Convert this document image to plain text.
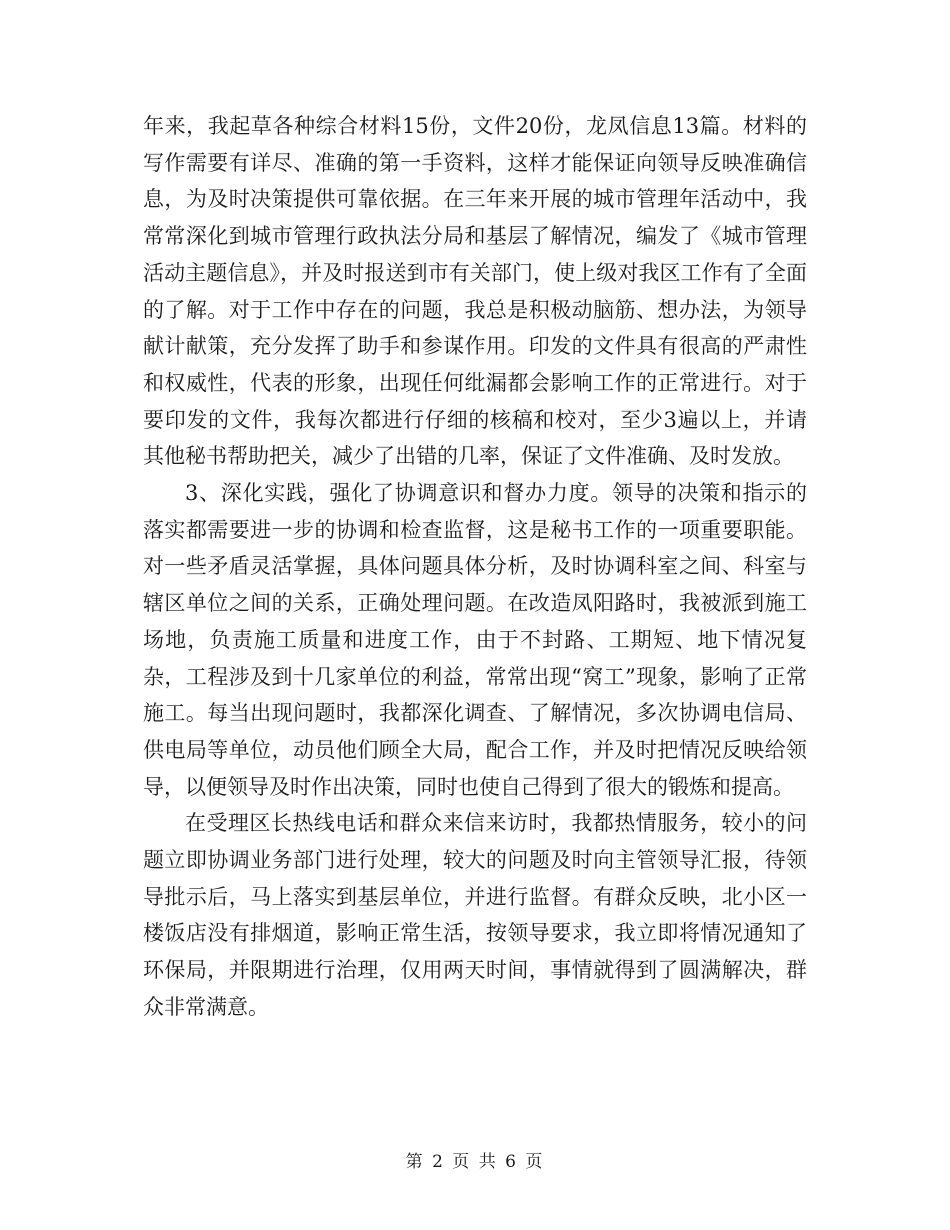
年来，我起草各种综合材料15份，文件20份，龙凤信息13篇。材料的写作需要有详尽、准确的第一手资料，这样才能保证向领导反映准确信息，为及时决策提供可靠依据。在三年来开展的城市管理年活动中，我常常深化到城市管理行政执法分局和基层了解情况，编发了《城市管理活动主题信息》，并及时报送到市有关部门，使上级对我区工作有了全面的了解。对于工作中存在的问题，我总是积极动脑筋、想办法，为领导献计献策，充分发挥了助手和参谋作用。印发的文件具有很高的严肃性和权威性，代表的形象，出现任何纰漏都会影响工作的正常进行。对于要印发的文件，我每次都进行仔细的核稿和校对，至少3遍以上，并请其他秘书帮助把关，减少了出错的几率，保证了文件准确、及时发放。

3、深化实践，强化了协调意识和督办力度。领导的决策和指示的落实都需要进一步的协调和检查监督，这是秘书工作的一项重要职能。对一些矛盾灵活掌握，具体问题具体分析，及时协调科室之间、科室与辖区单位之间的关系，正确处理问题。在改造凤阳路时，我被派到施工场地，负责施工质量和进度工作，由于不封路、工期短、地下情况复杂，工程涉及到十几家单位的利益，常常出现“窝工”现象，影响了正常施工。每当出现问题时，我都深化调查、了解情况，多次协调电信局、供电局等单位，动员他们顾全大局，配合工作，并及时把情况反映给领导，以便领导及时作出决策，同时也使自己得到了很大的锻炼和提高。

在受理区长热线电话和群众来信来访时，我都热情服务，较小的问题立即协调业务部门进行处理，较大的问题及时向主管领导汇报，待领导批示后，马上落实到基层单位，并进行监督。有群众反映，北小区一楼饭店没有排烟道，影响正常生活，按领导要求，我立即将情况通知了环保局，并限期进行治理，仅用两天时间，事情就得到了圆满解决，群众非常满意。

第 2 页 共 6 页
